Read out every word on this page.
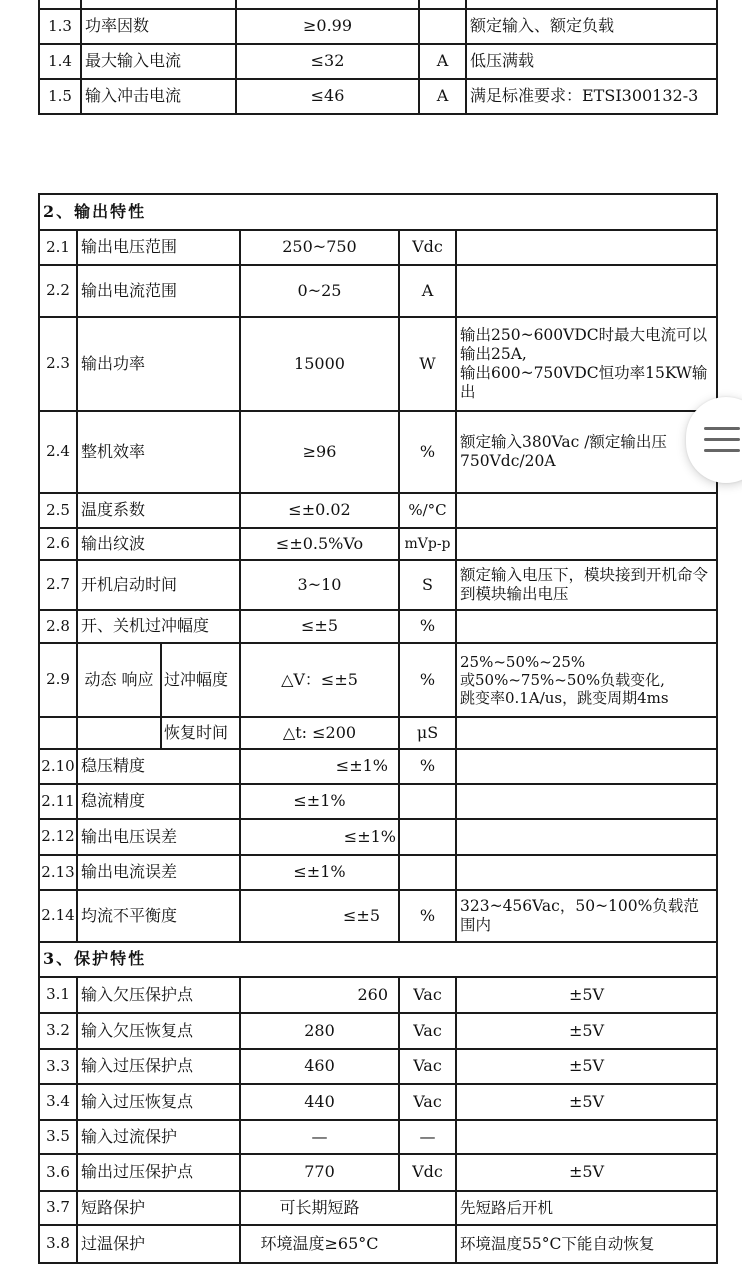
1.3	功率因数	≥0.99		额定输入、额定负载
1.4	最大输入电流	≤32	A	低压满载
1.5	输入冲击电流	≤46	A	满足标准要求：ETSI300132-3
2、输出特性					
2.1	输出电压范围		250~750	Vdc	
2.2	输出电流范围		0~25	A	
2.3	输出功率		15000	W	输出250~600VDC时最大电流可以输出25A,
输出600~750VDC恒功率15KW输出
2.4	整机效率		≥96	%	额定输入380Vac /额定输出压750Vdc/20A
2.5	温度系数		≤±0.02	%/°C	
2.6	输出纹波		≤±0.5%Vo	mVp-p	
2.7	开机启动时间		3~10	S	额定输入电压下，模块接到开机命令到模块输出电压
2.8	开、关机过冲幅度		≤±5	%	
2.9	动态 响应	过冲幅度	△V：≤±5	%	25%~50%~25%
或50%~75%~50%负载变化,
跳变率0.1A/us，跳变周期4ms
		恢复时间	△t: ≤200	μS	
2.10	稳压精度		≤±1%	%	
2.11	稳流精度		≤±1%		
2.12	输出电压误差		≤±1%		
2.13	输出电流误差		≤±1%		
2.14	均流不平衡度		≤±5	%	323~456Vac，50~100%负载范围内
3、保护特性					
3.1	输入欠压保护点		260	Vac	±5V
3.2	输入欠压恢复点		280	Vac	±5V
3.3	输入过压保护点		460	Vac	±5V
3.4	输入过压恢复点		440	Vac	±5V
3.5	输入过流保护		—	—	
3.6	输出过压保护点		770	Vdc	±5V
3.7	短路保护		可长期短路		先短路后开机
3.8	过温保护		环境温度≥65°C		环境温度55°C下能自动恢复
